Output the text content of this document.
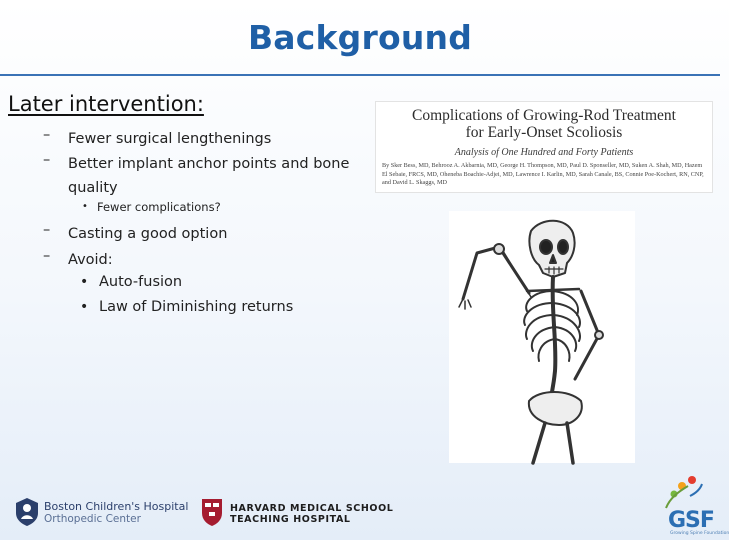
Background
Later intervention:
– Fewer surgical lengthenings
– Better implant anchor points and bone quality
• Fewer complications?
– Casting a good option
– Avoid:
• Auto-fusion
• Law of Diminishing returns
Complications of Growing-Rod Treatment
for Early-Onset Scoliosis
Analysis of One Hundred and Forty Patients
By Sker Bess, MD, Behrooz A. Akbarnia, MD, George H. Thompson, MD, Paul D. Sponseller, MD, Suken A. Shah, MD, Hazem El Sebaie, FRCS, MD, Oheneba Boachie-Adjei, MD, Lawrence I. Karlin, MD, Sarah Canale, BS, Connie Poe-Kochert, RN, CNP, and David L. Skaggs, MD
Boston Children's Hospital
Orthopedic Center
HARVARD MEDICAL SCHOOL
TEACHING HOSPITAL	GSF
Growing Spine Foundation
